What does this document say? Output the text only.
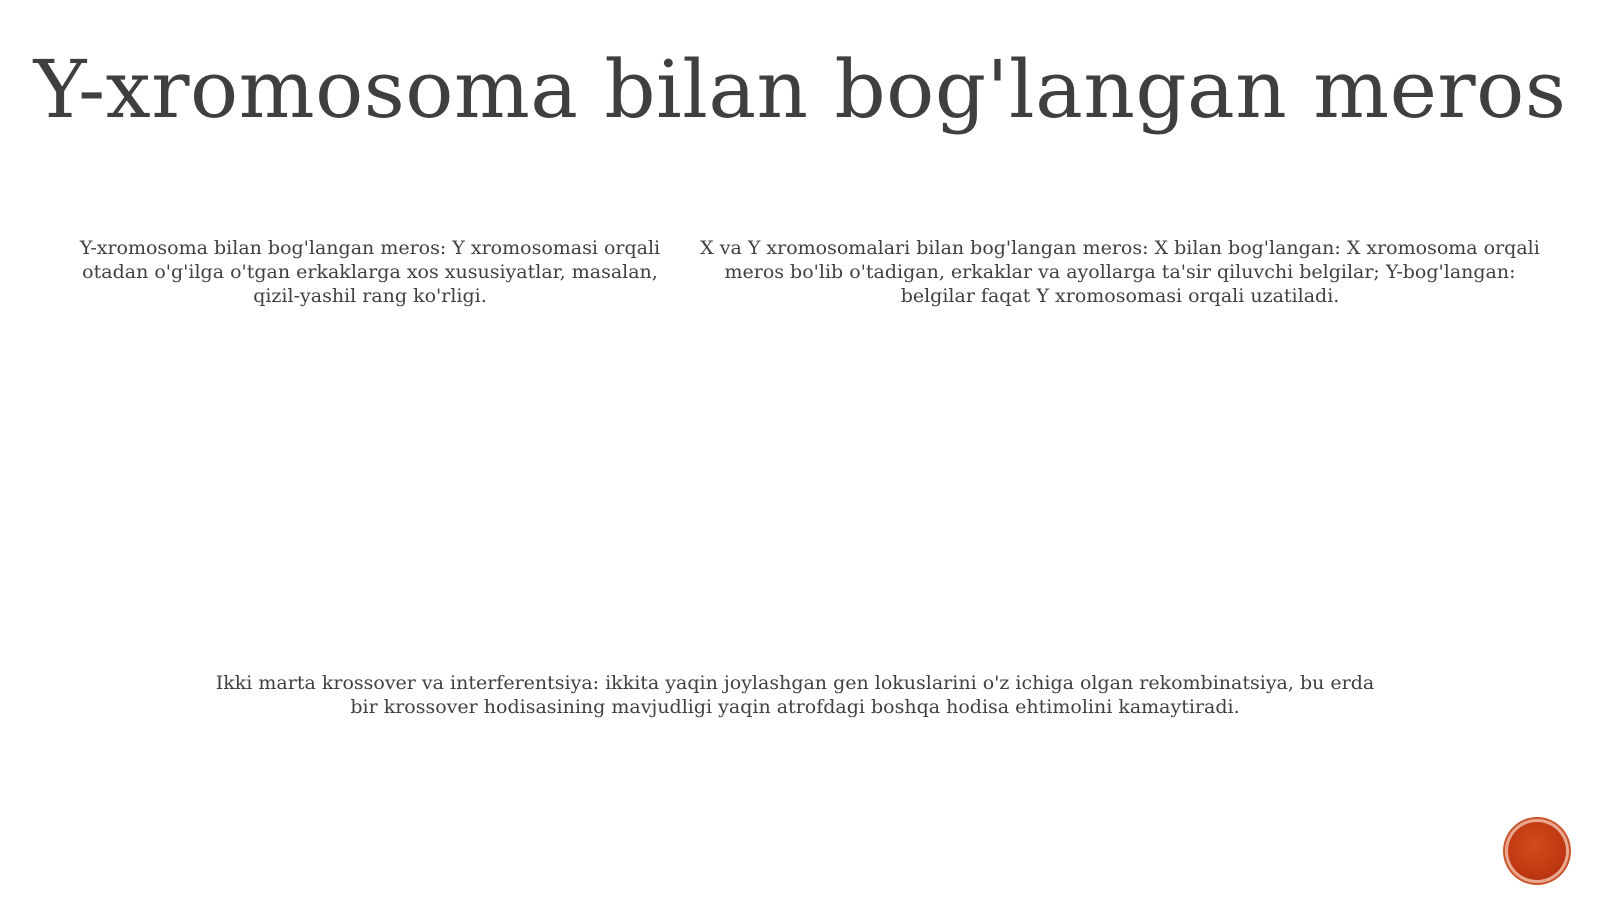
Y-xromosoma bilan bog'langan meros
Y-xromosoma bilan bog'langan meros: Y xromosomasi orqali otadan o'g'ilga o'tgan erkaklarga xos xususiyatlar, masalan, qizil-yashil rang ko'rligi.
X va Y xromosomalari bilan bog'langan meros: X bilan bog'langan: X xromosoma orqali meros bo'lib o'tadigan, erkaklar va ayollarga ta'sir qiluvchi belgilar; Y-bog'langan: belgilar faqat Y xromosomasi orqali uzatiladi.
Ikki marta krossover va interferentsiya: ikkita yaqin joylashgan gen lokuslarini o'z ichiga olgan rekombinatsiya, bu erda bir krossover hodisasining mavjudligi yaqin atrofdagi boshqa hodisa ehtimolini kamaytiradi.
